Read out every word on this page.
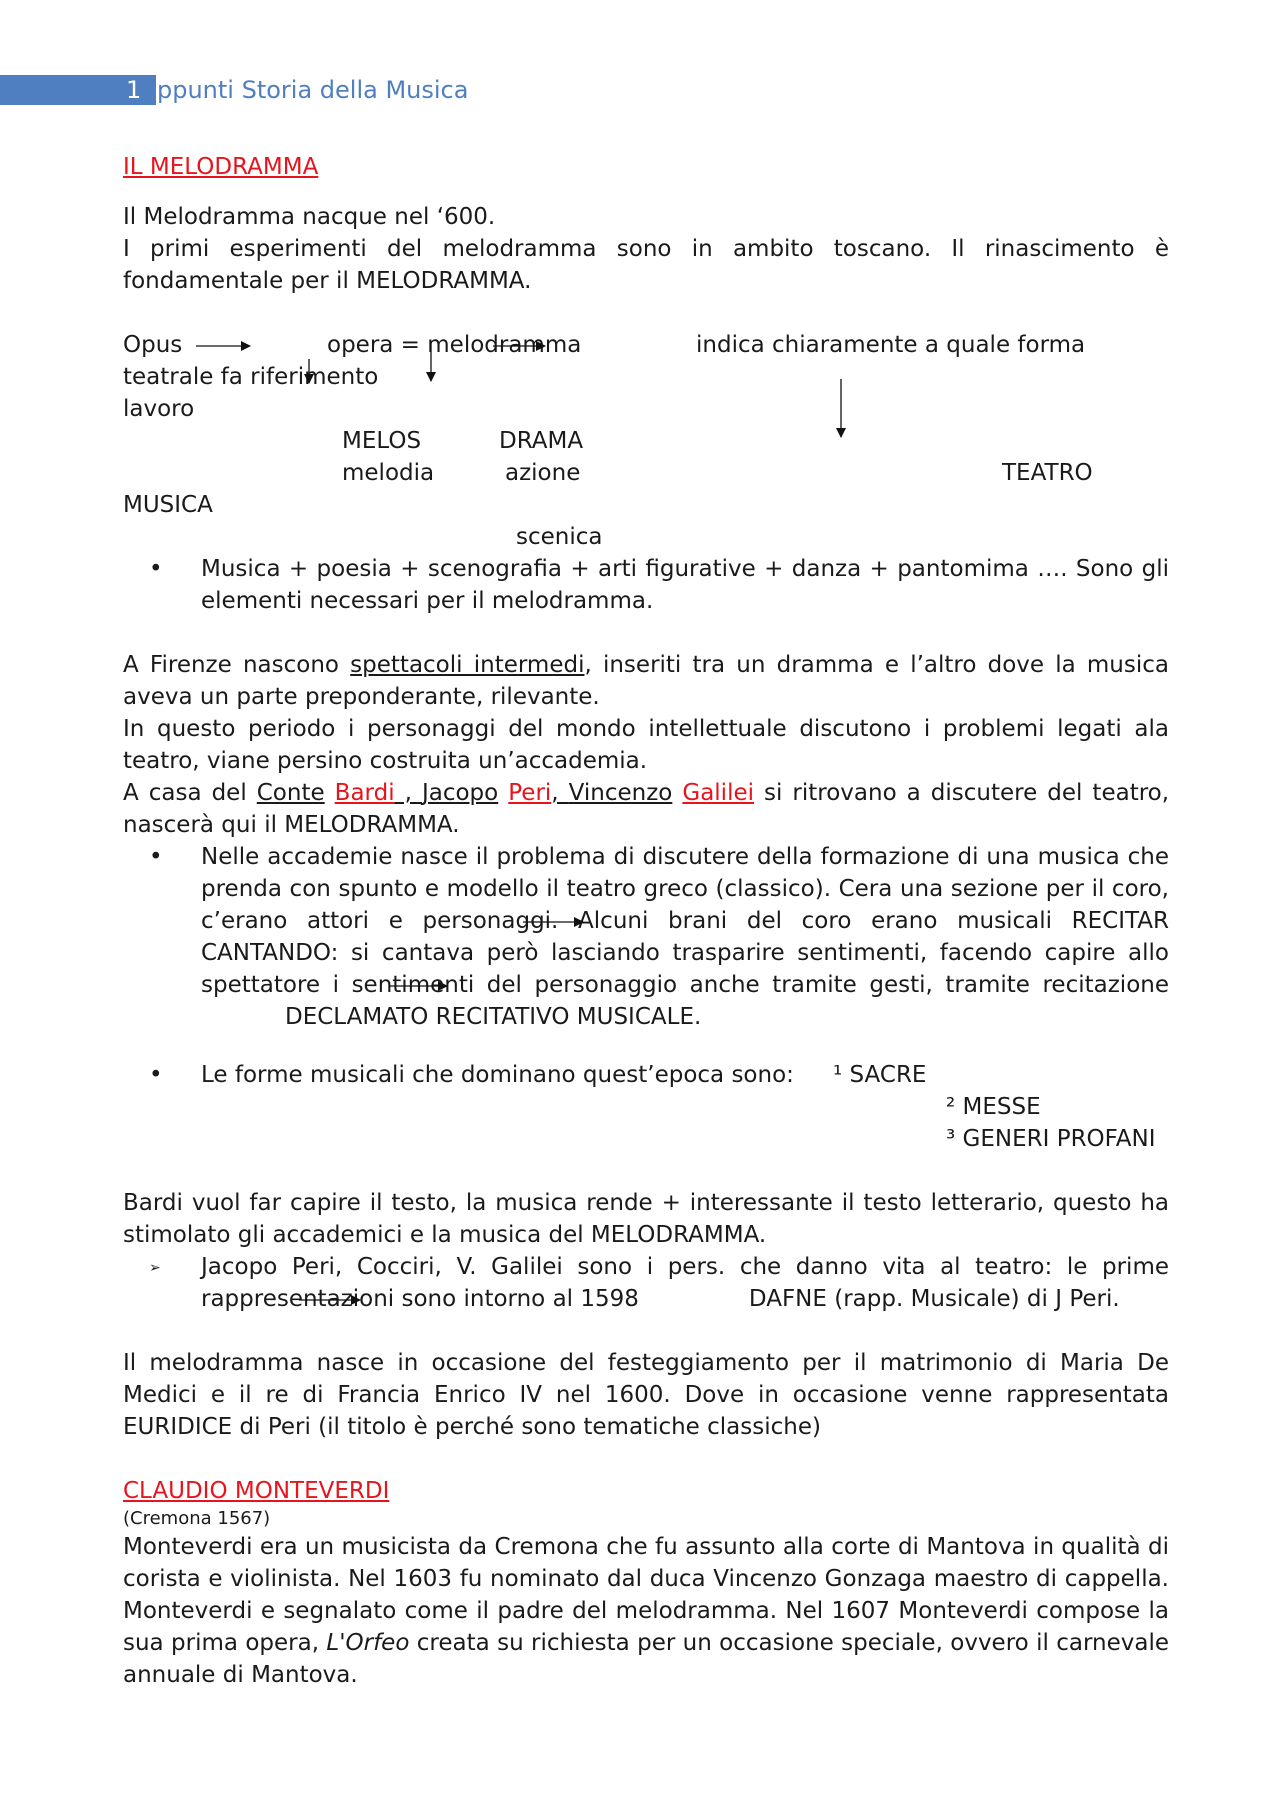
1 ppunti Storia della Musica
IL MELODRAMMA

Il Melodramma nacque nel ‘600.

I primi esperimenti del melodramma sono in ambito toscano. Il rinascimento è fondamentale per il MELODRAMMA.

Opus	opera = melodramma	indica chiaramente a quale forma
teatrale fa riferimento
lavoro
MELOS	DRAMA
melodia	azione	TEATRO
MUSICA
scenica
• Musica + poesia + scenografia + arti figurative + danza + pantomima …. Sono gli elementi necessari per il melodramma.

A Firenze nascono spettacoli intermedi, inseriti tra un dramma e l’altro dove la musica aveva un parte preponderante, rilevante.

In questo periodo i personaggi del mondo intellettuale discutono i problemi legati ala teatro, viane persino costruita un’accademia.

A casa del Conte Bardi , Jacopo Peri, Vincenzo Galilei si ritrovano a discutere del teatro, nascerà qui il MELODRAMMA.

• Nelle accademie nasce il problema di discutere della formazione di una musica che prenda con spunto e modello il teatro greco (classico). Cera una sezione per il coro, c’erano attori e personaggi. Alcuni brani del coro erano musicali RECITAR CANTANDO: si cantava però lasciando trasparire sentimenti, facendo capire allo spettatore i sentimenti del personaggio anche tramite gesti, tramite recitazioneDECLAMATO RECITATIVO MUSICALE.
• Le forme musicali che dominano quest’epoca sono: ¹ SACRE
² MESSE
³ GENERI PROFANI

Bardi vuol far capire il testo, la musica rende + interessante il testo letterario, questo ha stimolato gli accademici e la musica del MELODRAMMA.

➢ Jacopo Peri, Cocciri, V. Galilei sono i pers. che danno vita al teatro: le prime rappresentazioni sono intorno al 1598	DAFNE (rapp. Musicale) di J Peri.

Il melodramma nasce in occasione del festeggiamento per il matrimonio di Maria De Medici e il re di Francia Enrico IV nel 1600. Dove in occasione venne rappresentata EURIDICE di Peri (il titolo è perché sono tematiche classiche)

CLAUDIO MONTEVERDI
(Cremona 1567)

Monteverdi era un musicista da Cremona che fu assunto alla corte di Mantova in qualità di corista e violinista. Nel 1603 fu nominato dal duca Vincenzo Gonzaga maestro di cappella. Monteverdi e segnalato come il padre del melodramma. Nel 1607 Monteverdi compose la sua prima opera, L'Orfeo creata su richiesta per un occasione speciale, ovvero il carnevale annuale di Mantova.
